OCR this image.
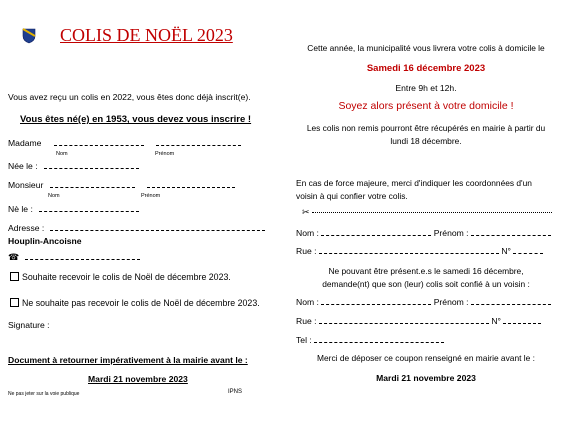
COLIS DE NOËL 2023
Vous avez reçu un colis en 2022, vous êtes donc déjà inscrit(e).
Vous êtes né(e) en 1953, vous devez vous inscrire !
Madame
Nom	Prénom
Née le :
Monsieur
Nom	Prénom
Nè le :
Adresse :
Houplin-Ancoisne
☎
Souhaite recevoir le colis de Noël de décembre 2023.
Ne souhaite pas recevoir le colis de Noël de décembre 2023.
Signature :
Document à retourner impérativement à la mairie avant le :
Mardi 21 novembre 2023
Ne pas jeter sur la voie publique	IPNS
Cette année, la municipalité vous livrera votre colis à domicile le
Samedi 16 décembre 2023
Entre 9h et 12h.
Soyez alors présent à votre domicile !
Les colis non remis pourront être récupérés en mairie à partir du
lundi 18 décembre.
En cas de force majeure, merci d'indiquer les coordonnées d'un
voisin à qui confier votre colis.
✂
Nom :	Prénom :
Rue :	N°
Ne pouvant être présent.e.s le samedi 16 décembre,
demande(nt) que son (leur) colis soit confié à un voisin :
Nom :	Prénom :
Rue :	N°
Tel :
Merci de déposer ce coupon renseigné en mairie avant le :
Mardi 21 novembre 2023
